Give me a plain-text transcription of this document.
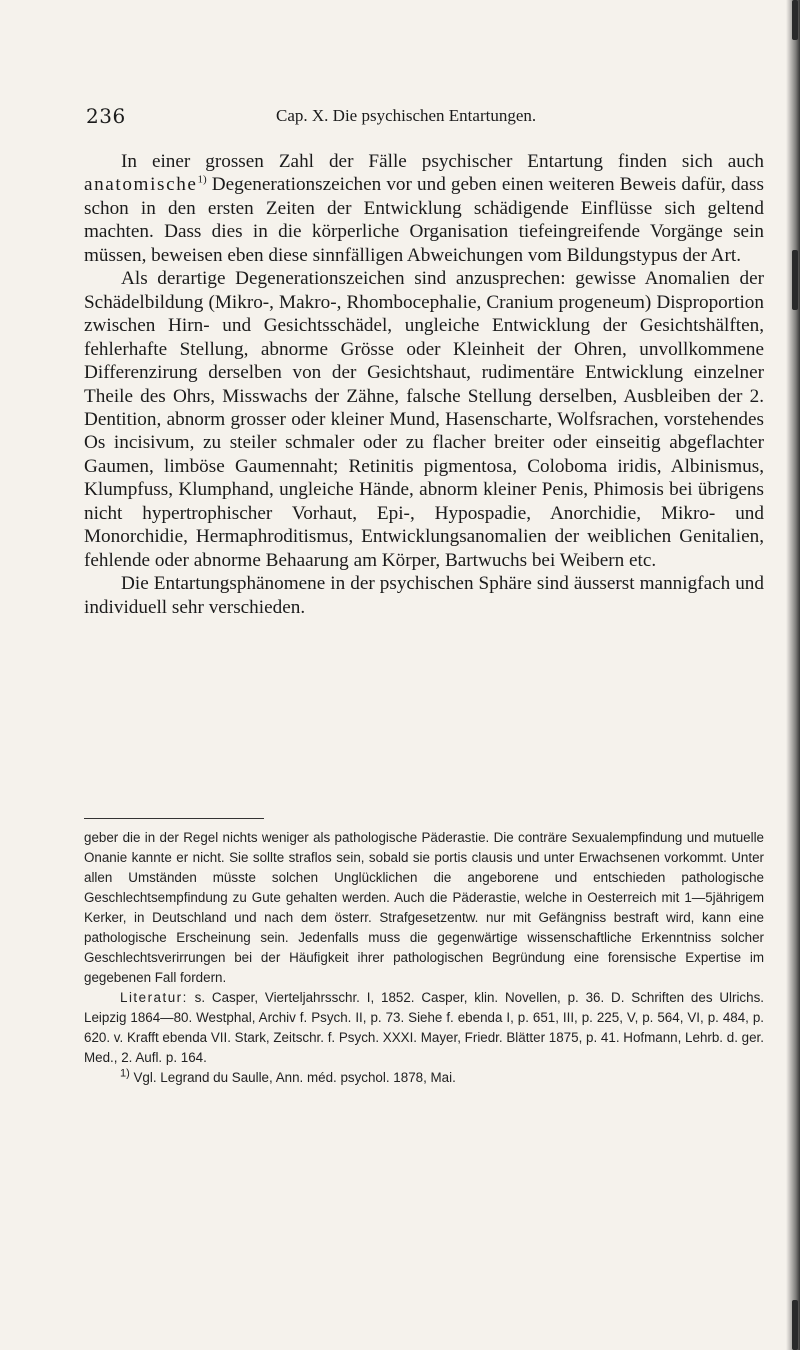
236	Cap. X. Die psychischen Entartungen.

In einer grossen Zahl der Fälle psychischer Entartung finden sich auch anatomische$^{1)}$ Degenerationszeichen vor und geben einen weiteren Beweis dafür, dass schon in den ersten Zeiten der Entwicklung schädigende Einflüsse sich geltend machten. Dass dies in die körperliche Organisation tiefeingreifende Vorgänge sein müssen, beweisen eben diese sinnfälligen Abweichungen vom Bildungstypus der Art.

Als derartige Degenerationszeichen sind anzusprechen: gewisse Anomalien der Schädelbildung (Mikro-, Makro-, Rhombocephalie, Cranium progeneum) Disproportion zwischen Hirn- und Gesichtsschädel, ungleiche Entwicklung der Gesichtshälften, fehlerhafte Stellung, abnorme Grösse oder Kleinheit der Ohren, unvollkommene Differenzirung derselben von der Gesichtshaut, rudimentäre Entwicklung einzelner Theile des Ohrs, Misswachs der Zähne, falsche Stellung derselben, Ausbleiben der 2. Dentition, abnorm grosser oder kleiner Mund, Hasenscharte, Wolfsrachen, vorstehendes Os incisivum, zu steiler schmaler oder zu flacher breiter oder einseitig abgeflachter Gaumen, limböse Gaumennaht; Retinitis pigmentosa, Coloboma iridis, Albinismus, Klumpfuss, Klumphand, ungleiche Hände, abnorm kleiner Penis, Phimosis bei übrigens nicht hypertrophischer Vorhaut, Epi-, Hypospadie, Anorchidie, Mikro- und Monorchidie, Hermaphroditismus, Entwicklungsanomalien der weiblichen Genitalien, fehlende oder abnorme Behaarung am Körper, Bartwuchs bei Weibern etc.

Die Entartungsphänomene in der psychischen Sphäre sind äusserst mannigfach und individuell sehr verschieden.

geber die in der Regel nichts weniger als pathologische Päderastie. Die conträre Sexualempfindung und mutuelle Onanie kannte er nicht. Sie sollte straflos sein, sobald sie portis clausis und unter Erwachsenen vorkommt. Unter allen Umständen müsste solchen Unglücklichen die angeborene und entschieden pathologische Geschlechtsempfindung zu Gute gehalten werden. Auch die Päderastie, welche in Oesterreich mit 1—5jährigem Kerker, in Deutschland und nach dem österr. Strafgesetzentw. nur mit Gefängniss bestraft wird, kann eine pathologische Erscheinung sein. Jedenfalls muss die gegenwärtige wissenschaftliche Erkenntniss solcher Geschlechtsverirrungen bei der Häufigkeit ihrer pathologischen Begründung eine forensische Expertise im gegebenen Fall fordern.

Literatur: s. Casper, Vierteljahrsschr. I, 1852. Casper, klin. Novellen, p. 36. D. Schriften des Ulrichs. Leipzig 1864—80. Westphal, Archiv f. Psych. II, p. 73. Siehe f. ebenda I, p. 651, III, p. 225, V, p. 564, VI, p. 484, p. 620. v. Krafft ebenda VII. Stark, Zeitschr. f. Psych. XXXI. Mayer, Friedr. Blätter 1875, p. 41. Hofmann, Lehrb. d. ger. Med., 2. Aufl. p. 164.

$^{1)}$ Vgl. Legrand du Saulle, Ann. méd. psychol. 1878, Mai.
